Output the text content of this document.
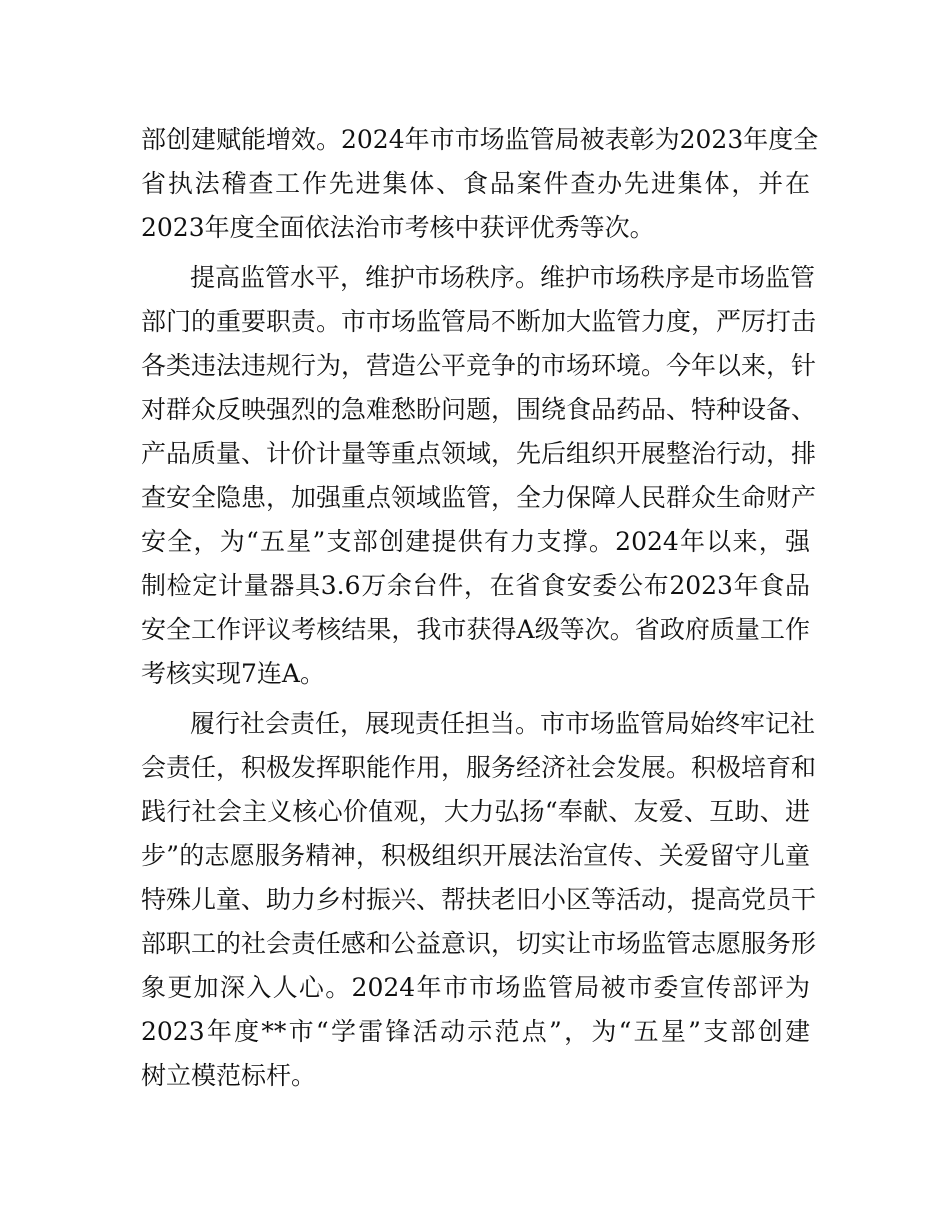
部创建赋能增效。2024年市市场监管局被表彰为2023年度全
省执法稽查工作先进集体、食品案件查办先进集体，并在
2023年度全面依法治市考核中获评优秀等次。
提高监管水平，维护市场秩序。维护市场秩序是市场监管
部门的重要职责。市市场监管局不断加大监管力度，严厉打击
各类违法违规行为，营造公平竞争的市场环境。今年以来，针
对群众反映强烈的急难愁盼问题，围绕食品药品、特种设备、
产品质量、计价计量等重点领域，先后组织开展整治行动，排
查安全隐患，加强重点领域监管，全力保障人民群众生命财产
安全，为“五星”支部创建提供有力支撑。2024年以来，强
制检定计量器具3.6万余台件，在省食安委公布2023年食品
安全工作评议考核结果，我市获得A级等次。省政府质量工作
考核实现7连A。
履行社会责任，展现责任担当。市市场监管局始终牢记社
会责任，积极发挥职能作用，服务经济社会发展。积极培育和
践行社会主义核心价值观，大力弘扬“奉献、友爱、互助、进
步”的志愿服务精神，积极组织开展法治宣传、关爱留守儿童
特殊儿童、助力乡村振兴、帮扶老旧小区等活动，提高党员干
部职工的社会责任感和公益意识，切实让市场监管志愿服务形
象更加深入人心。2024年市市场监管局被市委宣传部评为
2023年度**市“学雷锋活动示范点”，为“五星”支部创建
树立模范标杆。
